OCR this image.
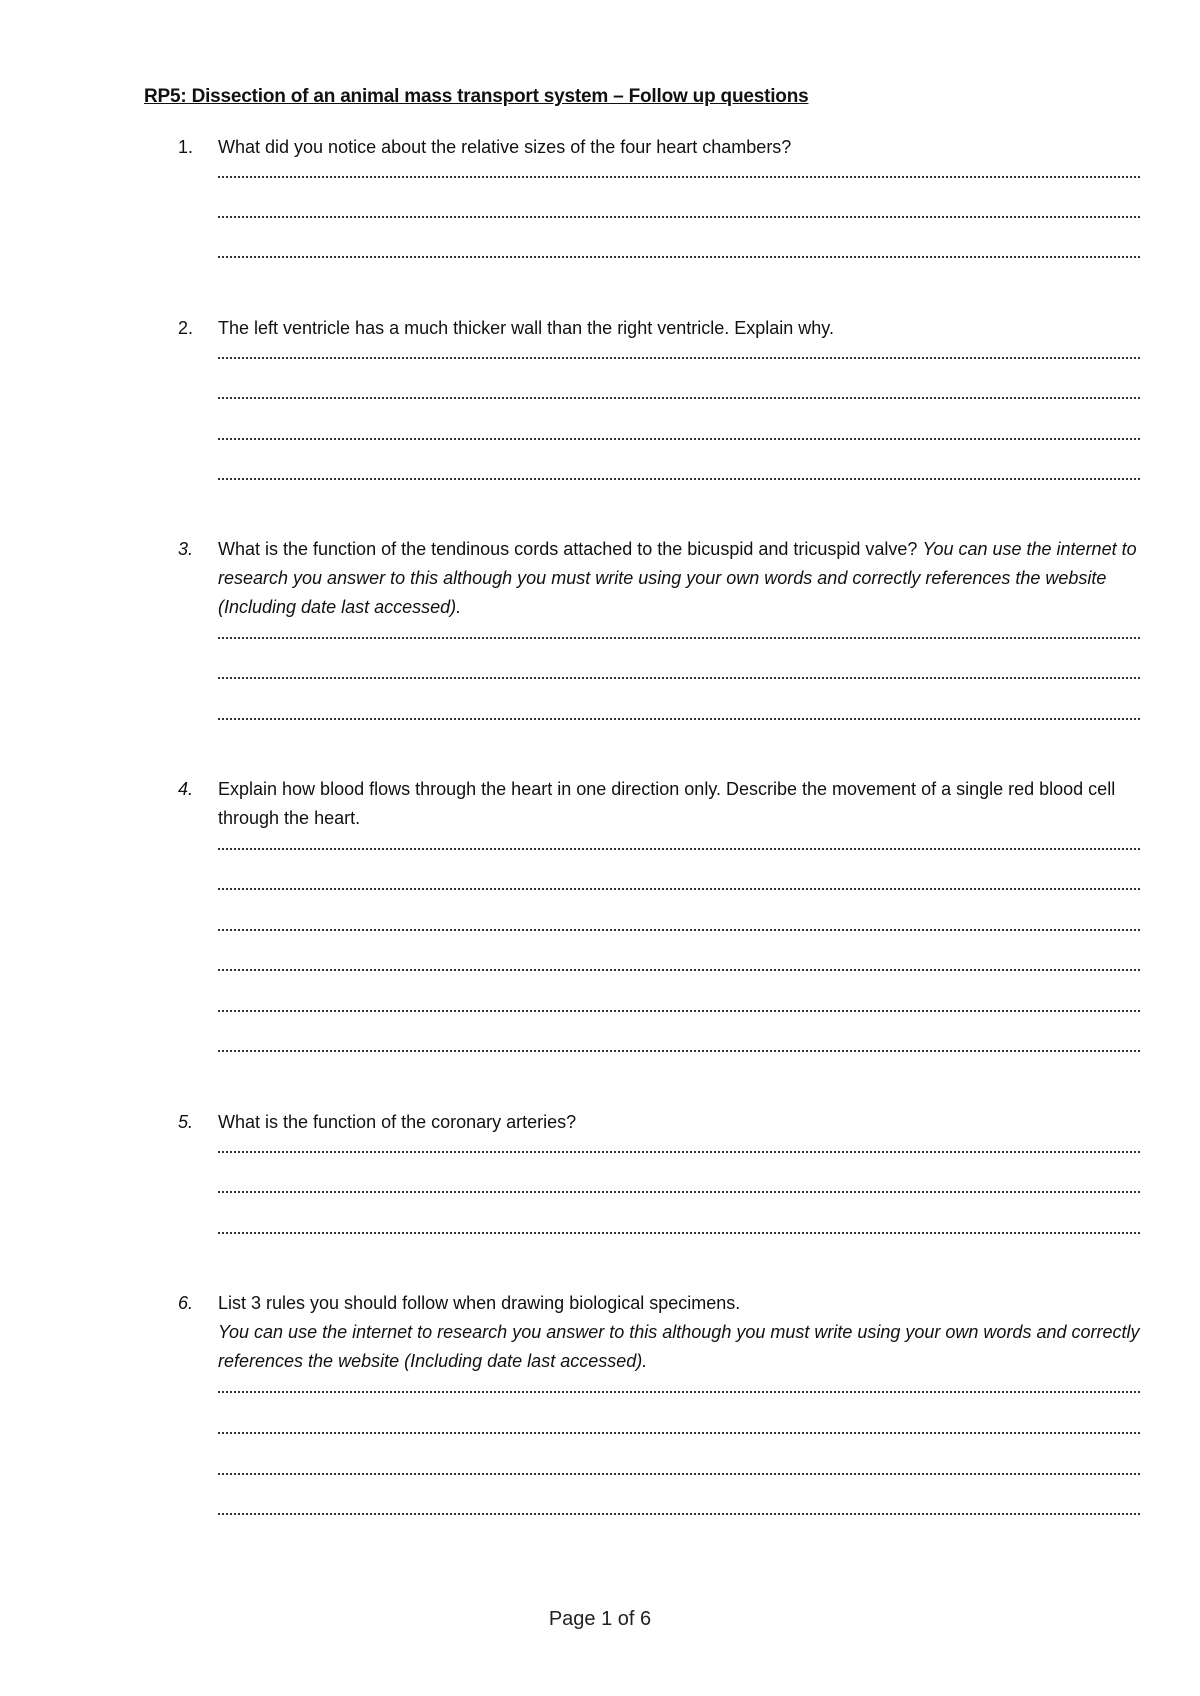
RP5: Dissection of an animal mass transport system – Follow up questions
1. What did you notice about the relative sizes of the four heart chambers?
2. The left ventricle has a much thicker wall than the right ventricle. Explain why.
3. What is the function of the tendinous cords attached to the bicuspid and tricuspid valve? You can use the internet to research you answer to this although you must write using your own words and correctly references the website (Including date last accessed).
4. Explain how blood flows through the heart in one direction only. Describe the movement of a single red blood cell through the heart.
5. What is the function of the coronary arteries?
6. List 3 rules you should follow when drawing biological specimens.
You can use the internet to research you answer to this although you must write using your own words and correctly references the website (Including date last accessed).
Page 1 of 6
